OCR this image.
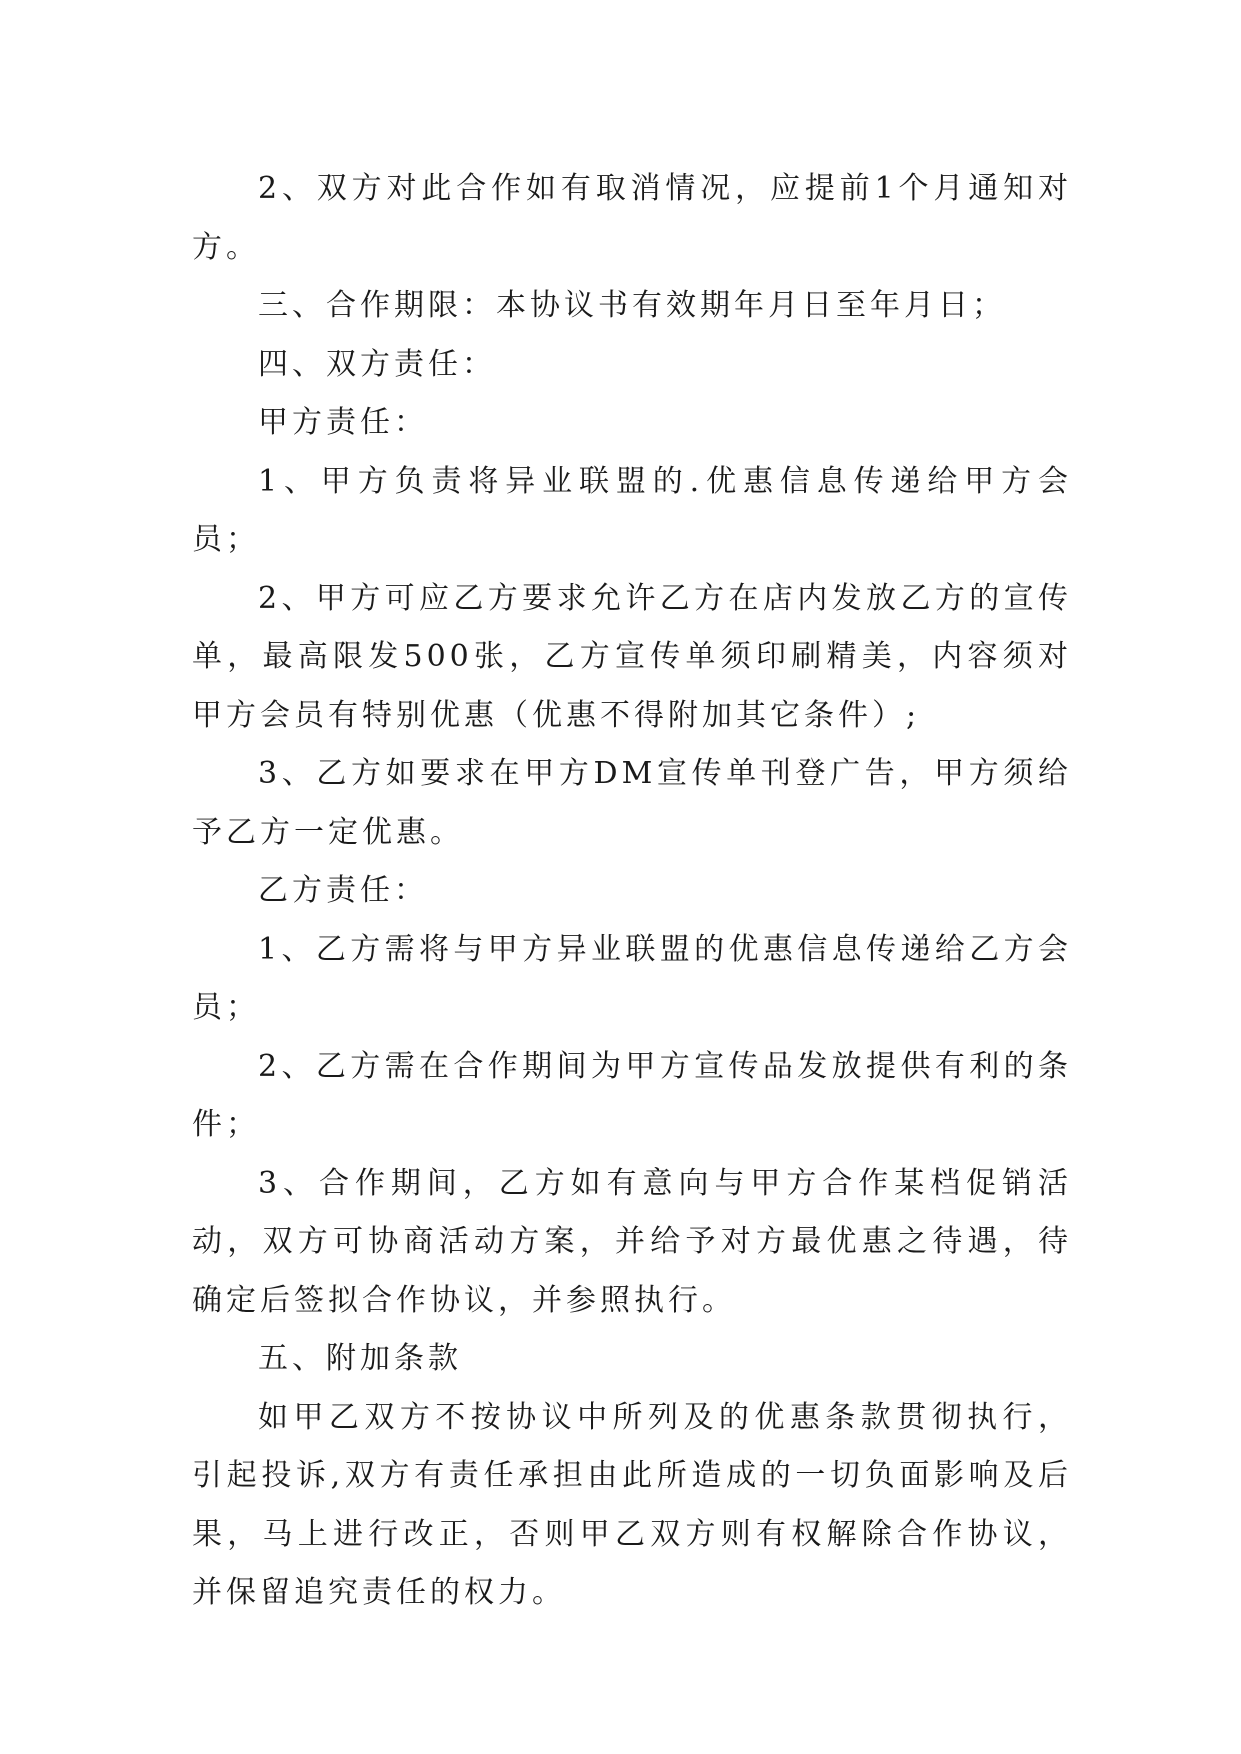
2、双方对此合作如有取消情况，应提前1个月通知对方。

三、合作期限：本协议书有效期年月日至年月日；

四、双方责任：

甲方责任：

1、甲方负责将异业联盟的.优惠信息传递给甲方会员；

2、甲方可应乙方要求允许乙方在店内发放乙方的宣传单，最高限发500张，乙方宣传单须印刷精美，内容须对甲方会员有特别优惠（优惠不得附加其它条件）;

3、乙方如要求在甲方DM宣传单刊登广告，甲方须给予乙方一定优惠。

乙方责任：

1、乙方需将与甲方异业联盟的优惠信息传递给乙方会员；

2、乙方需在合作期间为甲方宣传品发放提供有利的条件；

3、合作期间，乙方如有意向与甲方合作某档促销活动，双方可协商活动方案，并给予对方最优惠之待遇，待确定后签拟合作协议，并参照执行。

五、附加条款

如甲乙双方不按协议中所列及的优惠条款贯彻执行，引起投诉,双方有责任承担由此所造成的一切负面影响及后果，马上进行改正，否则甲乙双方则有权解除合作协议，并保留追究责任的权力。
